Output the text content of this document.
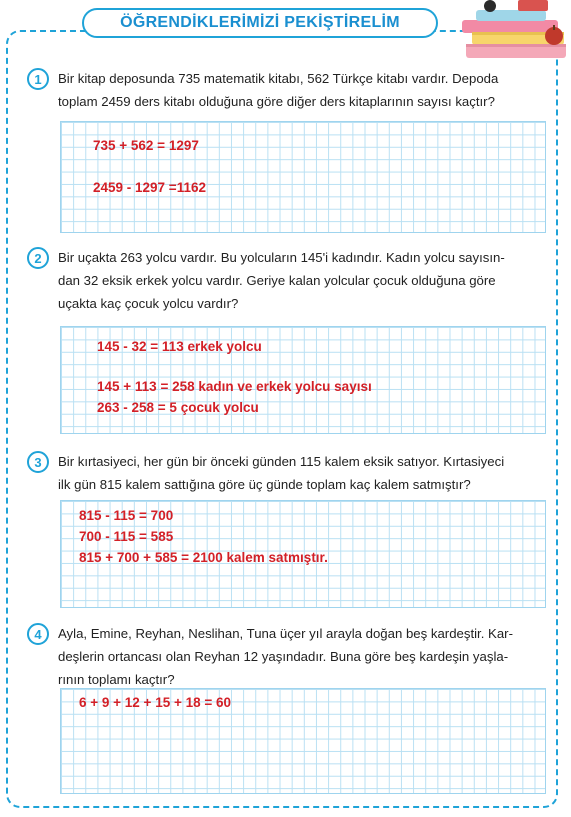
ÖĞRENDİKLERİMİZİ PEKİŞTİRELİM
1 Bir kitap deposunda 735 matematik kitabı, 562 Türkçe kitabı vardır. Depoda
toplam 2459 ders kitabı olduğuna göre diğer ders kitaplarının sayısı kaçtır?
735 + 562 = 1297
2459 - 1297 =1162
2 Bir uçakta 263 yolcu vardır. Bu yolcuların 145'i kadındır. Kadın yolcu sayısın-
dan 32 eksik erkek yolcu vardır. Geriye kalan yolcular çocuk olduğuna göre
uçakta kaç çocuk yolcu vardır?
145 - 32 = 113 erkek yolcu
145 + 113 = 258 kadın ve erkek yolcu sayısı
263 - 258 = 5 çocuk yolcu
3 Bir kırtasiyeci, her gün bir önceki günden 115 kalem eksik satıyor. Kırtasiyeci
ilk gün 815 kalem sattığına göre üç günde toplam kaç kalem satmıştır?
815 - 115 = 700
700 - 115 = 585
815 + 700 + 585 = 2100 kalem satmıştır.
4 Ayla, Emine, Reyhan, Neslihan, Tuna üçer yıl arayla doğan beş kardeştir. Kar-
deşlerin ortancası olan Reyhan 12 yaşındadır. Buna göre beş kardeşin yaşla-
rının toplamı kaçtır?
6 + 9 + 12 + 15 + 18 = 60
